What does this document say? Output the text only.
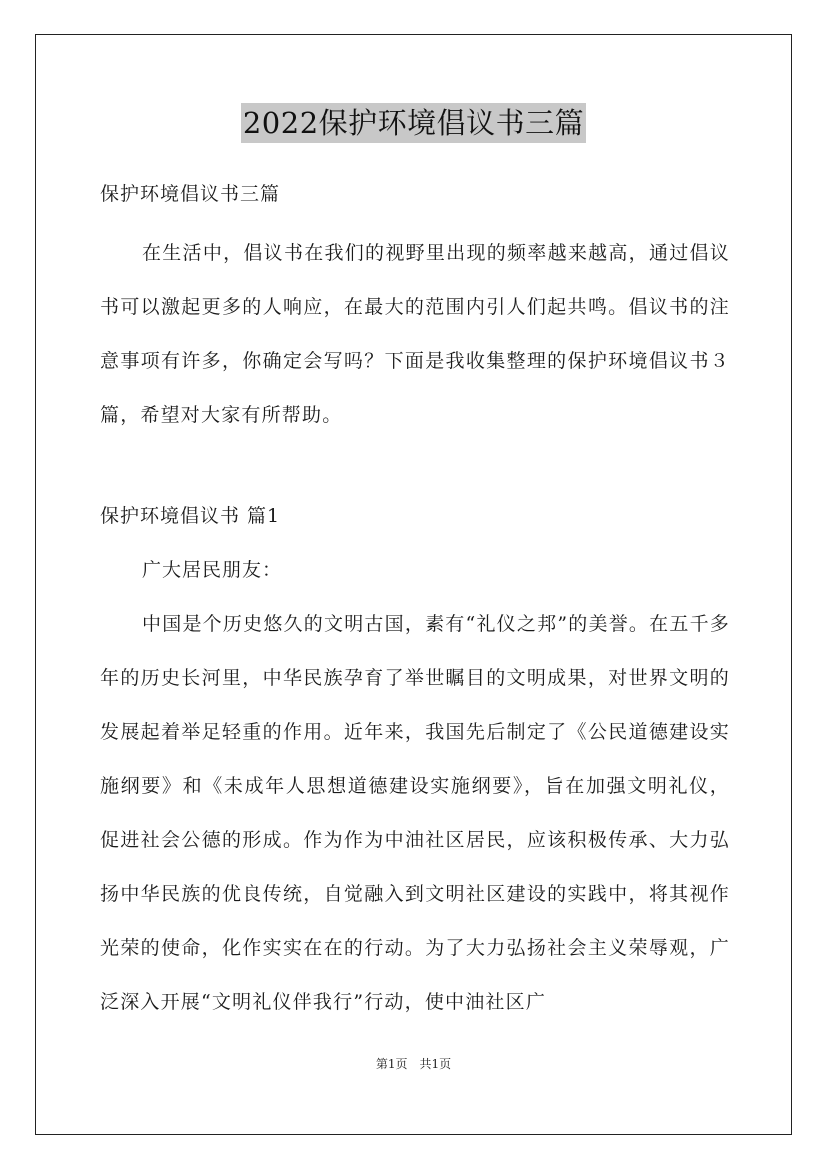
2022保护环境倡议书三篇
保护环境倡议书三篇

在生活中，倡议书在我们的视野里出现的频率越来越高，通过倡议书可以激起更多的人响应，在最大的范围内引人们起共鸣。倡议书的注意事项有许多，你确定会写吗？下面是我收集整理的保护环境倡议书３篇，希望对大家有所帮助。

保护环境倡议书 篇1
广大居民朋友：

中国是个历史悠久的文明古国，素有“礼仪之邦”的美誉。在五千多年的历史长河里，中华民族孕育了举世瞩目的文明成果，对世界文明的发展起着举足轻重的作用。近年来，我国先后制定了《公民道德建设实施纲要》和《未成年人思想道德建设实施纲要》，旨在加强文明礼仪，促进社会公德的形成。作为作为中油社区居民，应该积极传承、大力弘扬中华民族的优良传统，自觉融入到文明社区建设的实践中，将其视作光荣的使命，化作实实在在的行动。为了大力弘扬社会主义荣辱观，广泛深入开展“文明礼仪伴我行”行动，使中油社区广

第1页　共1页
